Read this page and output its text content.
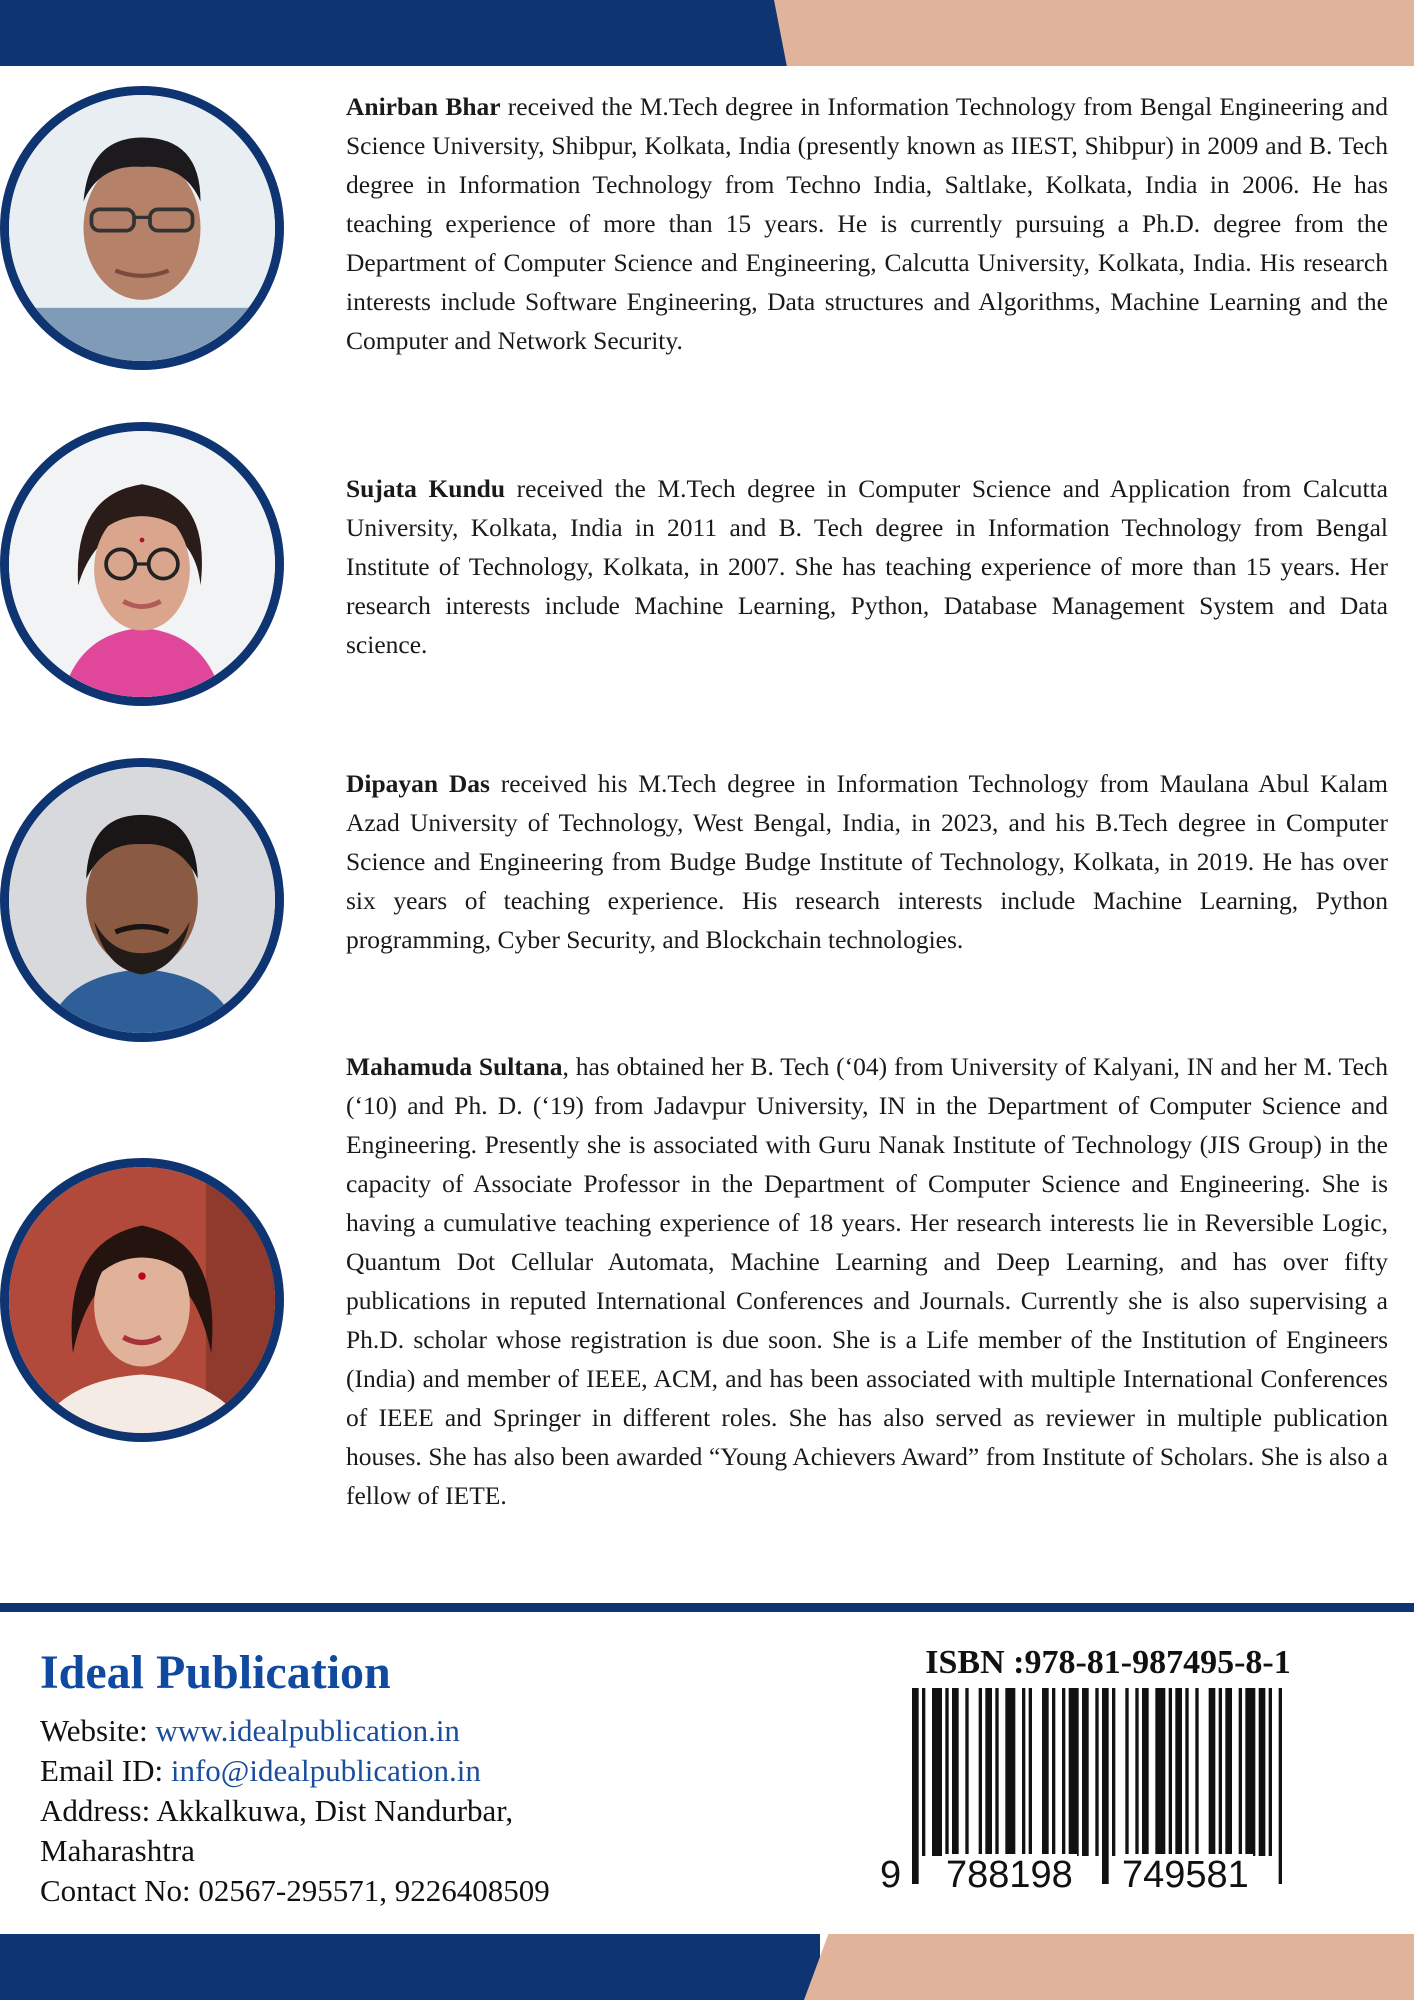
Anirban Bhar received the M.Tech degree in Information Technology from Bengal Engineering and Science University, Shibpur, Kolkata, India (presently known as IIEST, Shibpur) in 2009 and B. Tech degree in Information Technology from Techno India, Saltlake, Kolkata, India in 2006. He has teaching experience of more than 15 years. He is currently pursuing a Ph.D. degree from the Department of Computer Science and Engineering, Calcutta University, Kolkata, India. His research interests include Software Engineering, Data structures and Algorithms, Machine Learning and the Computer and Network Security.

Sujata Kundu received the M.Tech degree in Computer Science and Application from Calcutta University, Kolkata, India in 2011 and B. Tech degree in Information Technology from Bengal Institute of Technology, Kolkata, in 2007. She has teaching experience of more than 15 years. Her research interests include Machine Learning, Python, Database Management System and Data science.

Dipayan Das received his M.Tech degree in Information Technology from Maulana Abul Kalam Azad University of Technology, West Bengal, India, in 2023, and his B.Tech degree in Computer Science and Engineering from Budge Budge Institute of Technology, Kolkata, in 2019. He has over six years of teaching experience. His research interests include Machine Learning, Python programming, Cyber Security, and Blockchain technologies.

Mahamuda Sultana, has obtained her B. Tech (‘04) from University of Kalyani, IN and her M. Tech (‘10) and Ph. D. (‘19) from Jadavpur University, IN in the Department of Computer Science and Engineering. Presently she is associated with Guru Nanak Institute of Technology (JIS Group) in the capacity of Associate Professor in the Department of Computer Science and Engineering. She is having a cumulative teaching experience of 18 years. Her research interests lie in Reversible Logic, Quantum Dot Cellular Automata, Machine Learning and Deep Learning, and has over fifty publications in reputed International Conferences and Journals. Currently she is also supervising a Ph.D. scholar whose registration is due soon. She is a Life member of the Institution of Engineers (India) and member of IEEE, ACM, and has been associated with multiple International Conferences of IEEE and Springer in different roles. She has also served as reviewer in multiple publication houses. She has also been awarded “Young Achievers Award” from Institute of Scholars. She is also a fellow of IETE.

Ideal Publication
Website: www.idealpublication.in
Email ID: info@idealpublication.in
Address: Akkalkuwa, Dist Nandurbar,
Maharashtra
Contact No: 02567-295571, 9226408509
ISBN :978-81-987495-8-1
9 788198 749581
